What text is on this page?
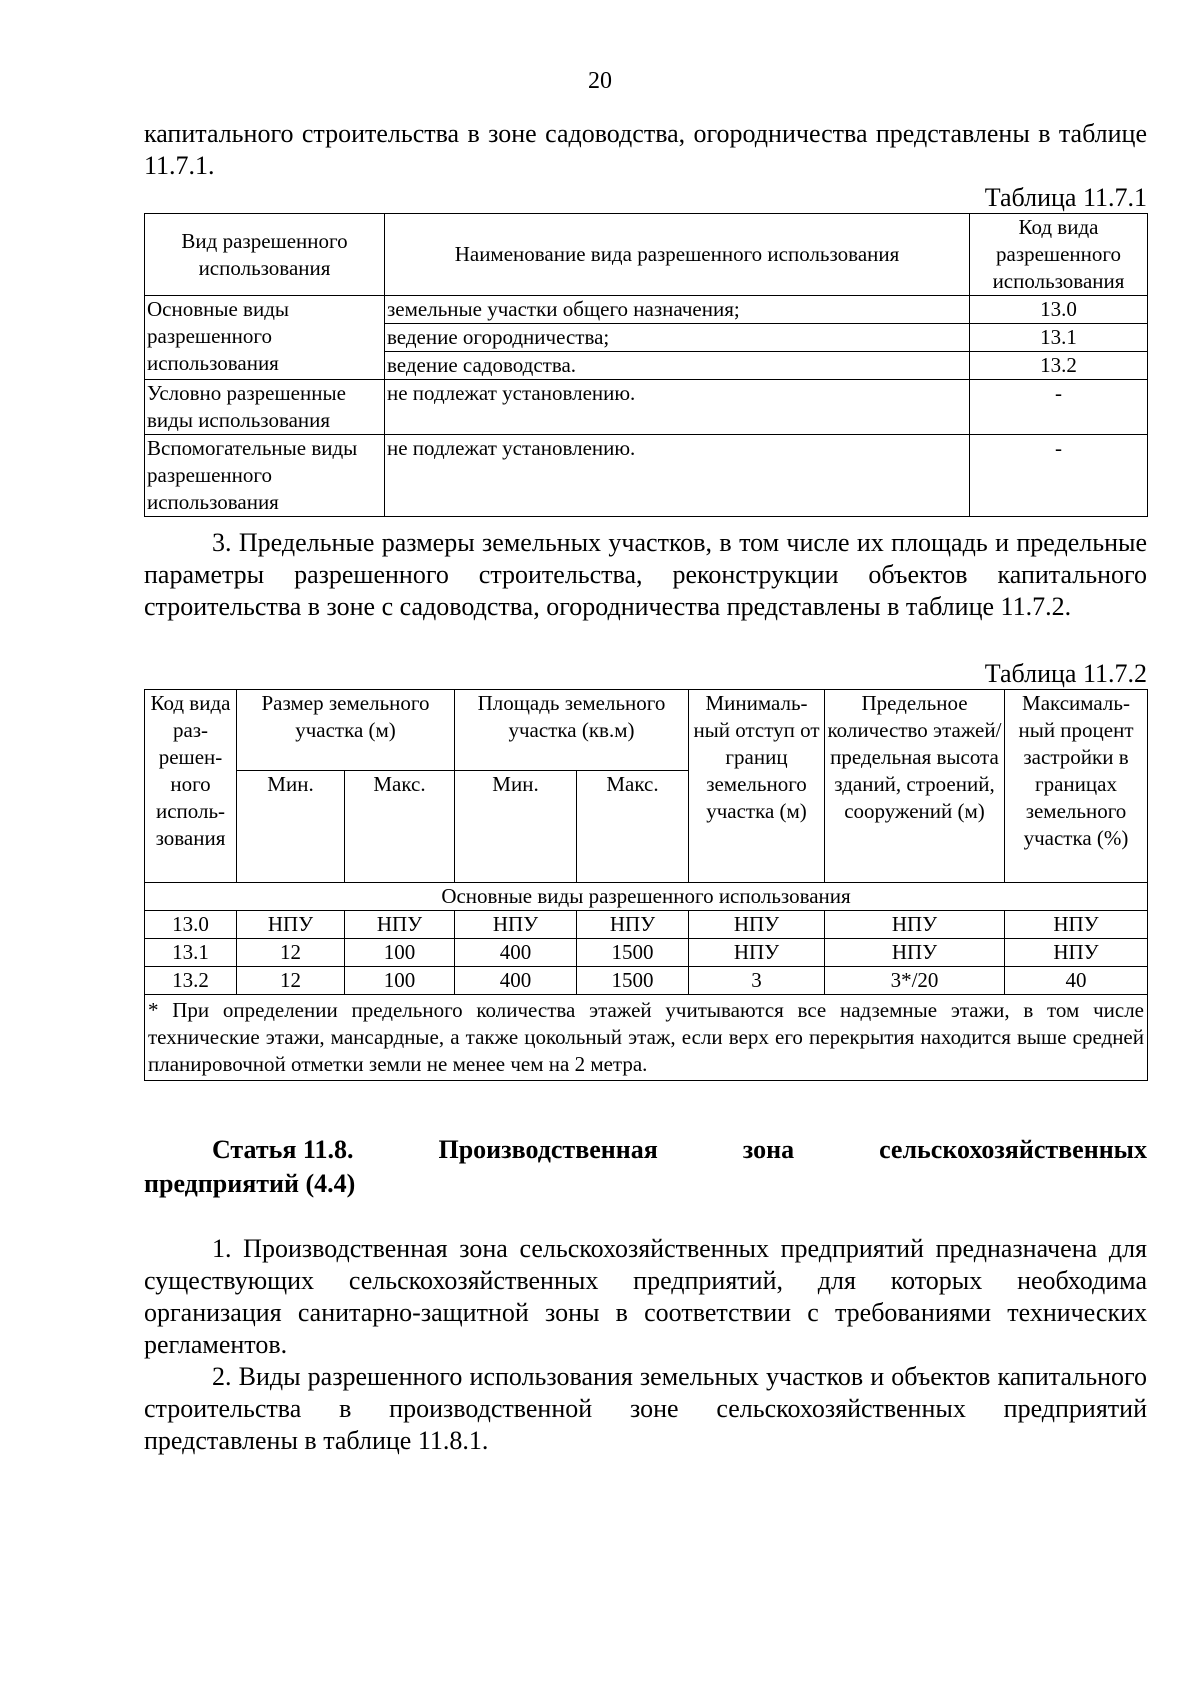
20

капитального строительства в зоне садоводства, огородничества представлены в таблице 11.7.1.

Таблица 11.7.1
Вид разрешенного использования	Наименование вида разрешенного использования	Код вида разрешенного использования
Основные виды разрешенного использования	земельные участки общего назначения;	13.0
	ведение огородничества;	13.1
	ведение садоводства.	13.2
Условно разрешенные виды использования	не подлежат установлению.	-
Вспомогательные виды разрешенного использования	не подлежат установлению.	-

3. Предельные размеры земельных участков, в том числе их площадь и предельные параметры разрешенного строительства, реконструкции объектов капитального строительства в зоне с садоводства, огородничества представлены в таблице 11.7.2.

Таблица 11.7.2
Код вида раз-решен-ного исполь-зования	Размер земельного участка (м)		Площадь земельного участка (кв.м)		Минималь-ный отступ от границ земельного участка (м)	Предельное количество этажей/ предельная высота зданий, строений, сооружений (м)	Максималь-ный процент застройки в границах земельного участка (%)
	Мин.	Макс.	Мин.	Макс.			
Основные виды разрешенного использования							
13.0	НПУ	НПУ	НПУ	НПУ	НПУ	НПУ	НПУ
13.1	12	100	400	1500	НПУ	НПУ	НПУ
13.2	12	100	400	1500	3	3*/20	40
* При определении предельного количества этажей учитываются все надземные этажи, в том числе технические этажи, мансардные, а также цокольный этаж, если верх его перекрытия находится выше средней планировочной отметки земли не менее чем на 2 метра.							
Статья 11.8.	Производственная	зона	сельскохозяйственных
предприятий (4.4)

1. Производственная зона сельскохозяйственных предприятий предназначена для существующих сельскохозяйственных предприятий, для которых необходима организация санитарно-защитной зоны в соответствии с требованиями технических регламентов.

2. Виды разрешенного использования земельных участков и объектов капитального строительства в производственной зоне сельскохозяйственных предприятий представлены в таблице 11.8.1.
